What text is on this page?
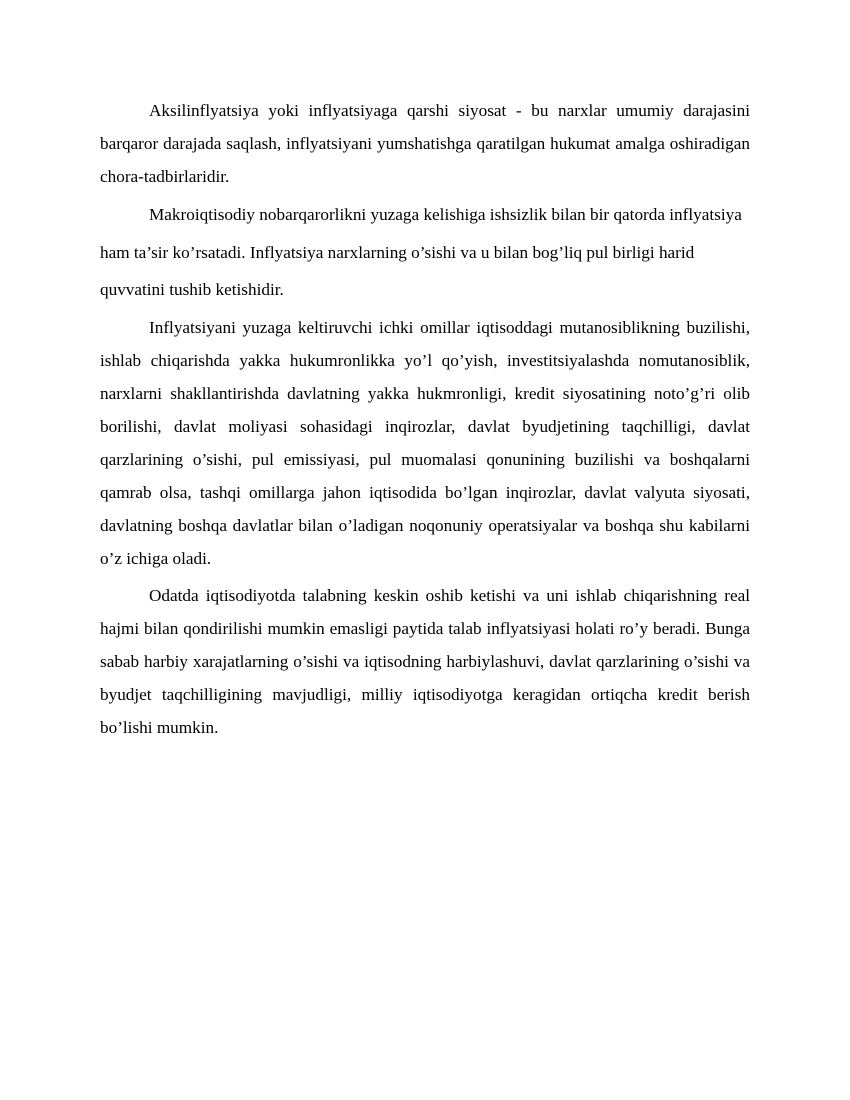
Aksilinflyatsiya yoki inflyatsiyaga qarshi siyosat - bu narxlar umumiy darajasini barqaror darajada saqlash, inflyatsiyani yumshatishga qaratilgan hukumat amalga oshiradigan chora-tadbirlaridir.

Makroiqtisodiy nobarqarorlikni yuzaga kelishiga ishsizlik bilan bir qatorda inflyatsiya ham ta’sir ko’rsatadi. Inflyatsiya narxlarning o’sishi va u bilan bog’liq pul birligi harid quvvatini tushib ketishidir.

Inflyatsiyani yuzaga keltiruvchi ichki omillar iqtisoddagi mutanosiblikning buzilishi, ishlab chiqarishda yakka hukumronlikka yo’l qo’yish, investitsiyalashda nomutanosiblik, narxlarni shakllantirishda davlatning yakka hukmronligi, kredit siyosatining noto’g’ri olib borilishi, davlat moliyasi sohasidagi inqirozlar, davlat byudjetining taqchilligi, davlat qarzlarining o’sishi, pul emissiyasi, pul muomalasi qonunining buzilishi va boshqalarni qamrab olsa, tashqi omillarga jahon iqtisodida bo’lgan inqirozlar, davlat valyuta siyosati, davlatning boshqa davlatlar bilan o’ladigan noqonuniy operatsiyalar va boshqa shu kabilarni o’z ichiga oladi.

Odatda iqtisodiyotda talabning keskin oshib ketishi va uni ishlab chiqarishning real hajmi bilan qondirilishi mumkin emasligi paytida talab inflyatsiyasi holati ro’y beradi. Bunga sabab harbiy xarajatlarning o’sishi va iqtisodning harbiylashuvi, davlat qarzlarining o’sishi va byudjet taqchilligining mavjudligi, milliy iqtisodiyotga keragidan ortiqcha kredit berish bo’lishi mumkin.
